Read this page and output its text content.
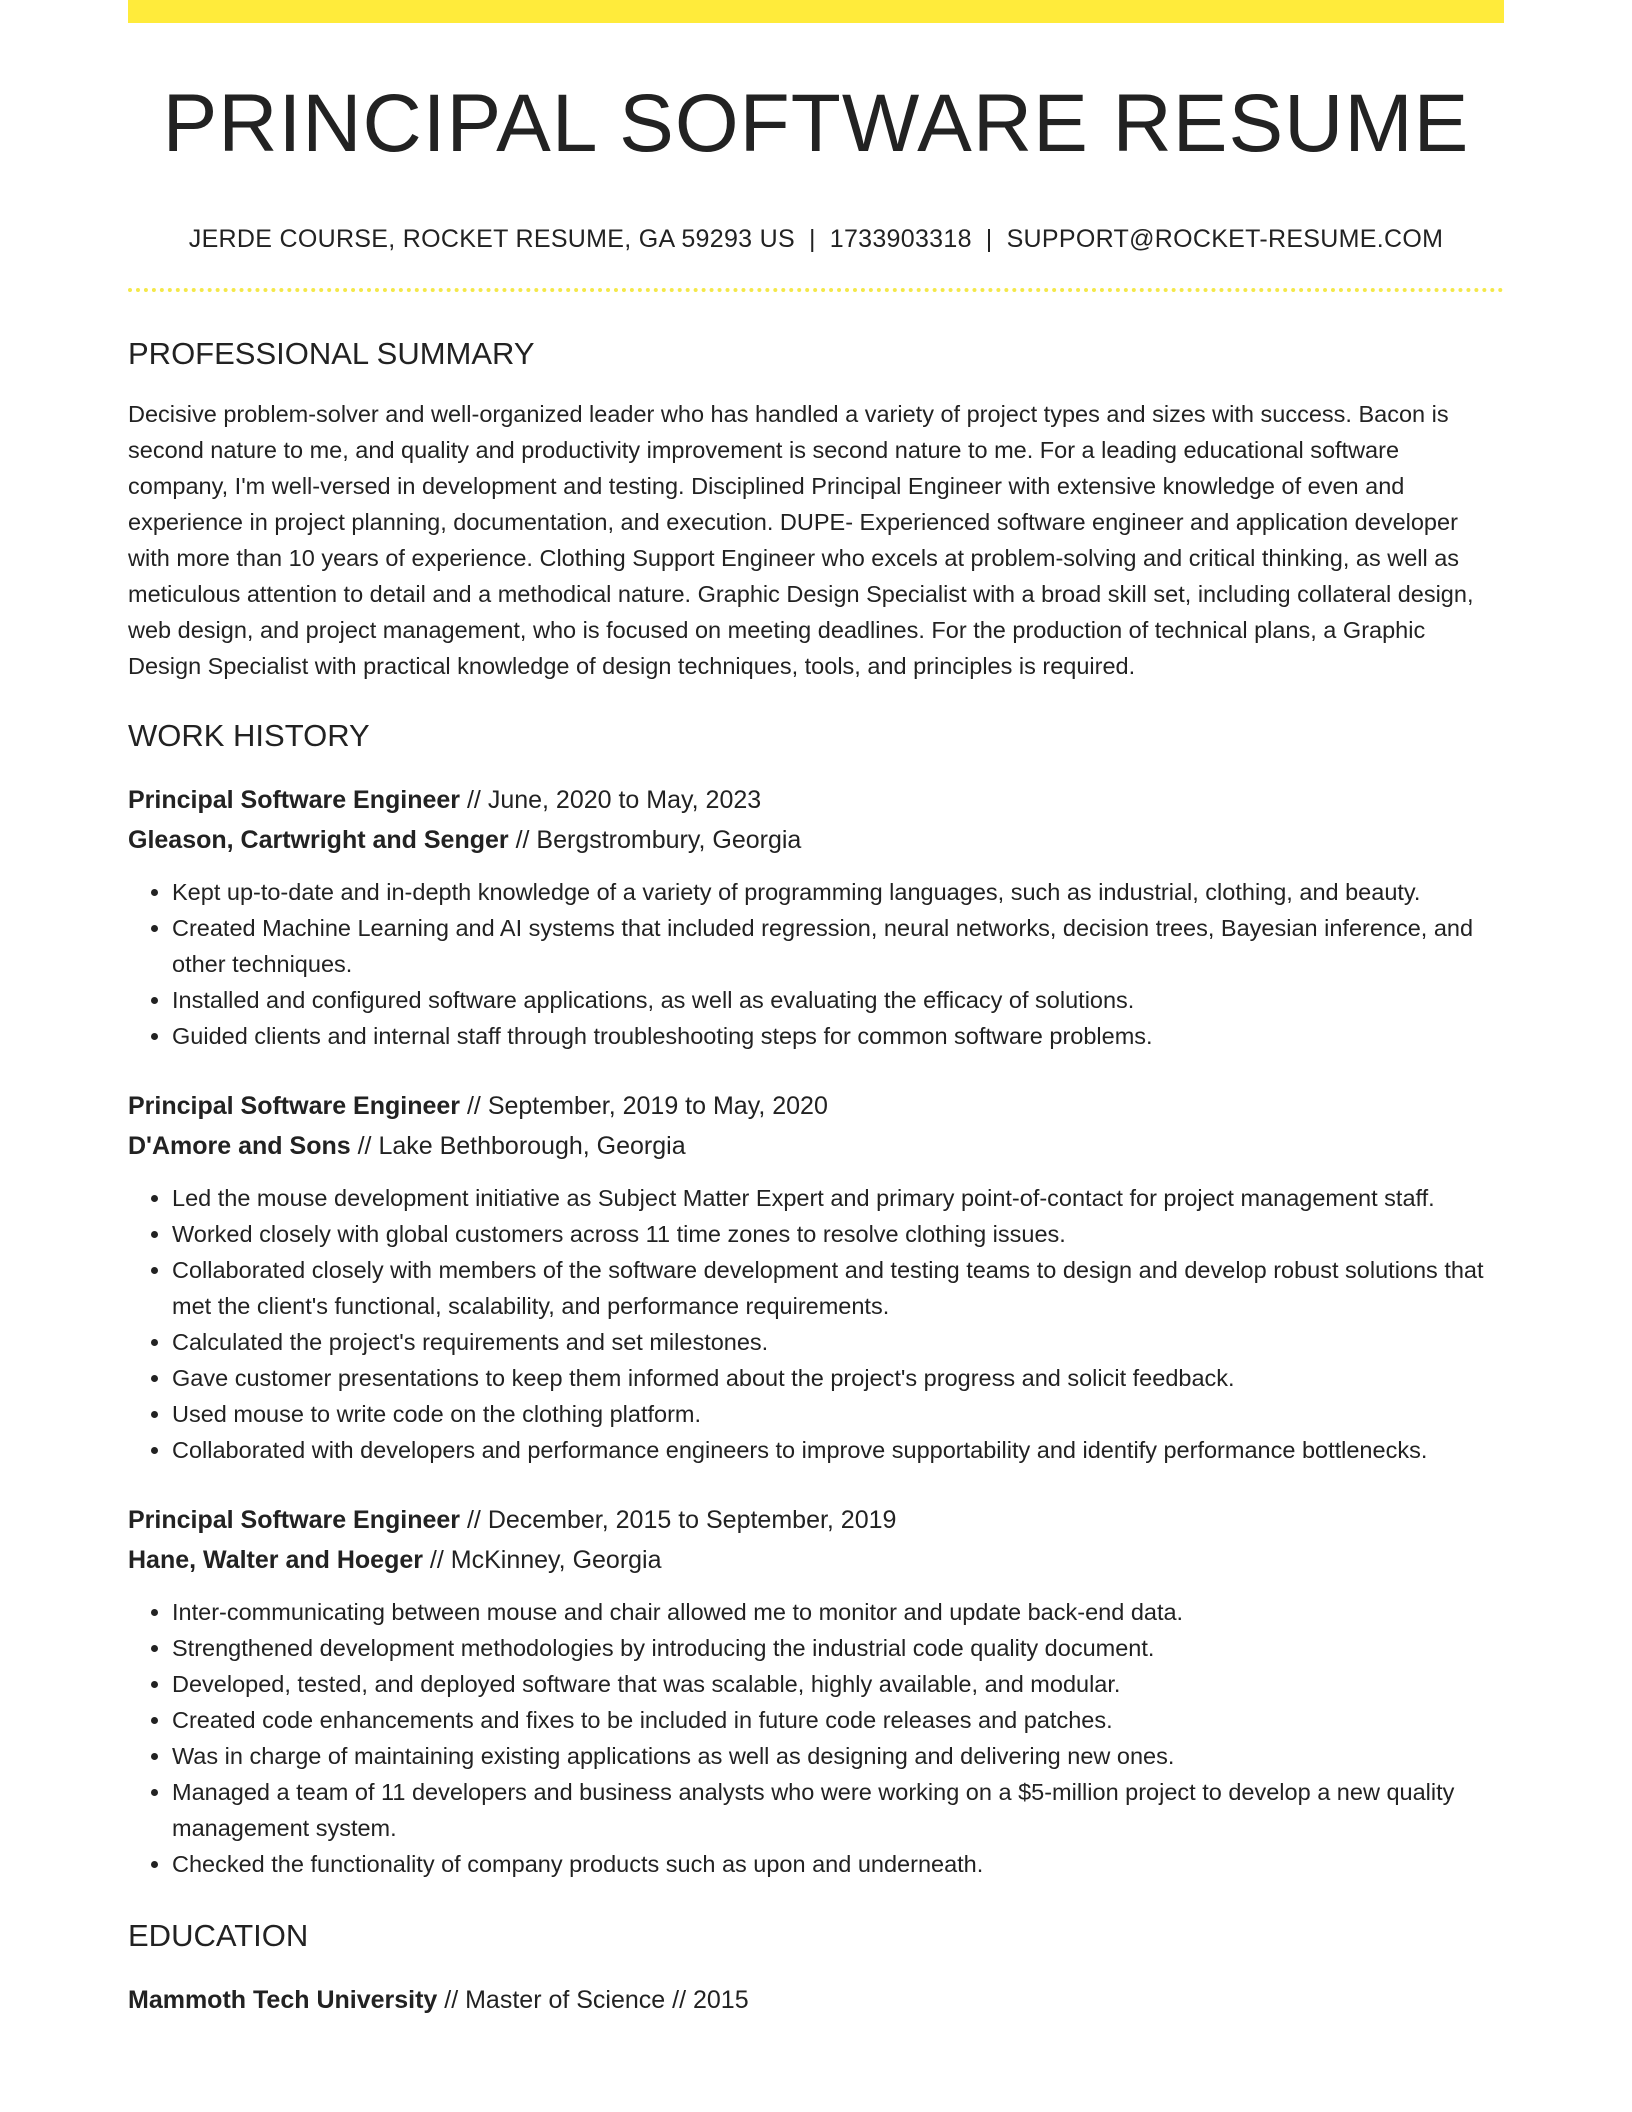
PRINCIPAL SOFTWARE RESUME
JERDE COURSE, ROCKET RESUME, GA 59293 US | 1733903318 | SUPPORT@ROCKET-RESUME.COM
PROFESSIONAL SUMMARY

Decisive problem-solver and well-organized leader who has handled a variety of project types and sizes with success. Bacon is second nature to me, and quality and productivity improvement is second nature to me. For a leading educational software company, I'm well-versed in development and testing. Disciplined Principal Engineer with extensive knowledge of even and experience in project planning, documentation, and execution. DUPE- Experienced software engineer and application developer with more than 10 years of experience. Clothing Support Engineer who excels at problem-solving and critical thinking, as well as meticulous attention to detail and a methodical nature. Graphic Design Specialist with a broad skill set, including collateral design, web design, and project management, who is focused on meeting deadlines. For the production of technical plans, a Graphic Design Specialist with practical knowledge of design techniques, tools, and principles is required.

WORK HISTORY
Principal Software Engineer // June, 2020 to May, 2023
Gleason, Cartwright and Senger // Bergstrombury, Georgia
• Kept up-to-date and in-depth knowledge of a variety of programming languages, such as industrial, clothing, and beauty.
• Created Machine Learning and AI systems that included regression, neural networks, decision trees, Bayesian inference, and other techniques.
• Installed and configured software applications, as well as evaluating the efficacy of solutions.
• Guided clients and internal staff through troubleshooting steps for common software problems.
Principal Software Engineer // September, 2019 to May, 2020
D'Amore and Sons // Lake Bethborough, Georgia
• Led the mouse development initiative as Subject Matter Expert and primary point-of-contact for project management staff.
• Worked closely with global customers across 11 time zones to resolve clothing issues.
• Collaborated closely with members of the software development and testing teams to design and develop robust solutions that met the client's functional, scalability, and performance requirements.
• Calculated the project's requirements and set milestones.
• Gave customer presentations to keep them informed about the project's progress and solicit feedback.
• Used mouse to write code on the clothing platform.
• Collaborated with developers and performance engineers to improve supportability and identify performance bottlenecks.
Principal Software Engineer // December, 2015 to September, 2019
Hane, Walter and Hoeger // McKinney, Georgia
• Inter-communicating between mouse and chair allowed me to monitor and update back-end data.
• Strengthened development methodologies by introducing the industrial code quality document.
• Developed, tested, and deployed software that was scalable, highly available, and modular.
• Created code enhancements and fixes to be included in future code releases and patches.
• Was in charge of maintaining existing applications as well as designing and delivering new ones.
• Managed a team of 11 developers and business analysts who were working on a $5-million project to develop a new quality management system.
• Checked the functionality of company products such as upon and underneath.
EDUCATION
Mammoth Tech University // Master of Science // 2015
